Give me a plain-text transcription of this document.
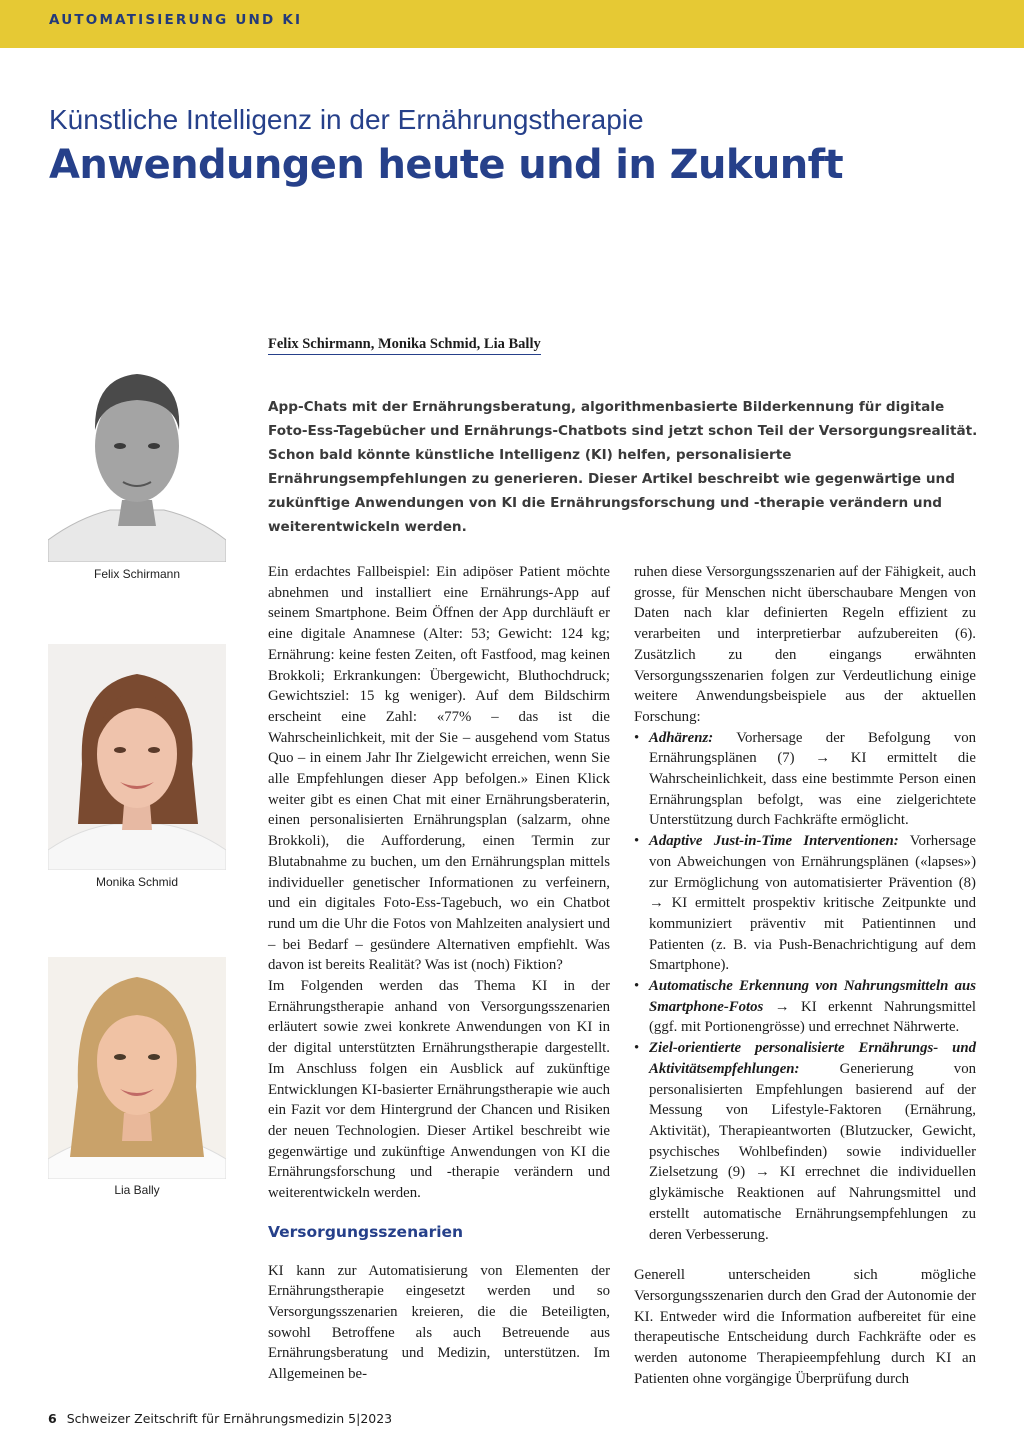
AUTOMATISIERUNG UND KI
Künstliche Intelligenz in der Ernährungstherapie
Anwendungen heute und in Zukunft
Felix Schirmann, Monika Schmid, Lia Bally

App-Chats mit der Ernährungsberatung, algorithmenbasierte Bilderkennung für digitale Foto-Ess-Tagebücher und Ernährungs-Chatbots sind jetzt schon Teil der Versorgungsrealität. Schon bald könnte künstliche Intelligenz (KI) helfen, personalisierte Ernährungsempfehlungen zu generieren. Dieser Artikel beschreibt wie gegenwärtige und zukünftige Anwendungen von KI die Ernährungsforschung und -therapie verändern und weiterentwickeln werden.

Felix Schirmann
Monika Schmid
Lia Bally

Ein erdachtes Fallbeispiel: Ein adipöser Patient möchte abnehmen und installiert eine Ernährungs-App auf seinem Smartphone. Beim Öffnen der App durchläuft er eine digitale Anamnese (Alter: 53; Gewicht: 124 kg; Ernährung: keine festen Zeiten, oft Fastfood, mag keinen Brokkoli; Erkrankungen: Übergewicht, Bluthochdruck; Gewichtsziel: 15 kg weniger). Auf dem Bildschirm erscheint eine Zahl: «77% – das ist die Wahrscheinlichkeit, mit der Sie – ausgehend vom Status Quo – in einem Jahr Ihr Zielgewicht erreichen, wenn Sie alle Empfehlungen dieser App befolgen.» Einen Klick weiter gibt es einen Chat mit einer Ernährungsberaterin, einen personalisierten Ernährungsplan (salzarm, ohne Brokkoli), die Aufforderung, einen Termin zur Blutabnahme zu buchen, um den Ernährungsplan mittels individueller genetischer Informationen zu verfeinern, und ein digitales Foto-Ess-Tagebuch, wo ein Chatbot rund um die Uhr die Fotos von Mahlzeiten analysiert und – bei Bedarf – gesündere Alternativen empfiehlt. Was davon ist bereits Realität? Was ist (noch) Fiktion?

Im Folgenden werden das Thema KI in der Ernährungstherapie anhand von Versorgungsszenarien erläutert sowie zwei konkrete Anwendungen von KI in der digital unterstützten Ernährungstherapie dargestellt. Im Anschluss folgen ein Ausblick auf zukünftige Entwicklungen KI-basierter Ernährungstherapie wie auch ein Fazit vor dem Hintergrund der Chancen und Risiken der neuen Technologien. Dieser Artikel beschreibt wie gegenwärtige und zukünftige Anwendungen von KI die Ernährungsforschung und -therapie verändern und weiterentwickeln werden.

Versorgungsszenarien

KI kann zur Automatisierung von Elementen der Ernährungstherapie eingesetzt werden und so Versorgungsszenarien kreieren, die die Beteiligten, sowohl Betroffene als auch Betreuende aus Ernährungsberatung und Medizin, unterstützen. Im Allgemeinen be-

ruhen diese Versorgungsszenarien auf der Fähigkeit, auch grosse, für Menschen nicht überschaubare Mengen von Daten nach klar definierten Regeln effizient zu verarbeiten und interpretierbar aufzubereiten (6). Zusätzlich zu den eingangs erwähnten Versorgungsszenarien folgen zur Verdeutlichung einige weitere Anwendungsbeispiele aus der aktuellen Forschung:

• Adhärenz: Vorhersage der Befolgung von Ernährungsplänen (7) → KI ermittelt die Wahrscheinlichkeit, dass eine bestimmte Person einen Ernährungsplan befolgt, was eine zielgerichtete Unterstützung durch Fachkräfte ermöglicht.
• Adaptive Just-in-Time Interventionen: Vorhersage von Abweichungen von Ernährungsplänen («lapses») zur Ermöglichung von automatisierter Prävention (8) → KI ermittelt prospektiv kritische Zeitpunkte und kommuniziert präventiv mit Patientinnen und Patienten (z. B. via Push-Benachrichtigung auf dem Smartphone).
• Automatische Erkennung von Nahrungsmitteln aus Smartphone-Fotos → KI erkennt Nahrungsmittel (ggf. mit Portionengrösse) und errechnet Nährwerte.
• Ziel-orientierte personalisierte Ernährungs- und Aktivitätsempfehlungen: Generierung von personalisierten Empfehlungen basierend auf der Messung von Lifestyle-Faktoren (Ernährung, Aktivität), Therapieantworten (Blutzucker, Gewicht, psychisches Wohlbefinden) sowie individueller Zielsetzung (9) → KI errechnet die individuellen glykämische Reaktionen auf Nahrungsmittel und erstellt automatische Ernährungsempfehlungen zu deren Verbesserung.

Generell unterscheiden sich mögliche Versorgungsszenarien durch den Grad der Autonomie der KI. Entweder wird die Information aufbereitet für eine therapeutische Entscheidung durch Fachkräfte oder es werden autonome Therapieempfehlung durch KI an Patienten ohne vorgängige Überprüfung durch

6 Schweizer Zeitschrift für Ernährungsmedizin 5|2023
